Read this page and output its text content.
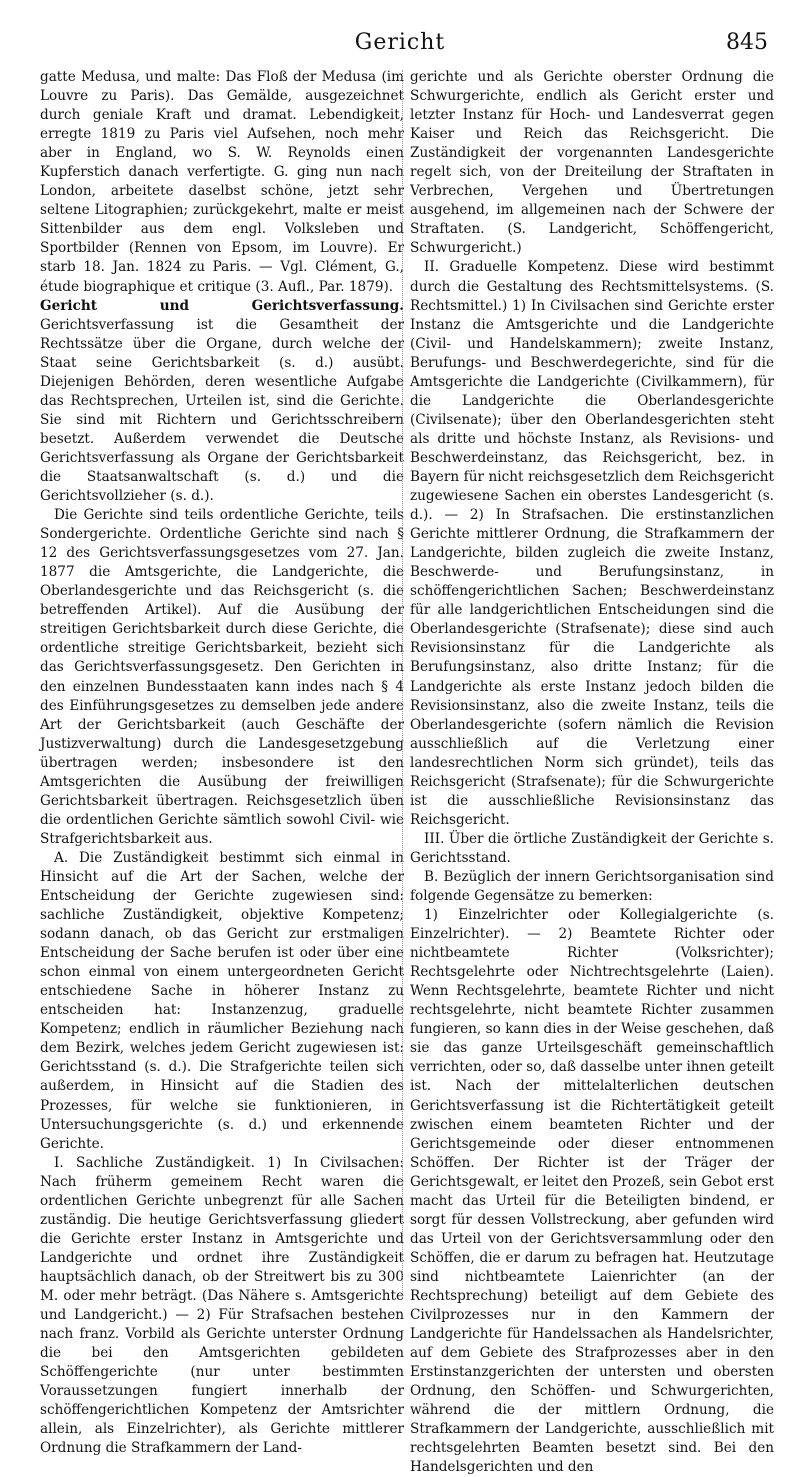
Gericht	845

gatte Medusa, und malte: Das Floß der Medusa (im Louvre zu Paris). Das Gemälde, ausgezeichnet durch geniale Kraft und dramat. Lebendigkeit, erregte 1819 zu Paris viel Aufsehen, noch mehr aber in England, wo S. W. Reynolds einen Kupferstich danach verfertigte. G. ging nun nach London, arbeitete daselbst schöne, jetzt sehr seltene Litographien; zurückgekehrt, malte er meist Sittenbilder aus dem engl. Volksleben und Sportbilder (Rennen von Epsom, im Louvre). Er starb 18. Jan. 1824 zu Paris. — Vgl. Clément, G., étude biographique et critique (3. Aufl., Par. 1879).

Gericht und Gerichtsverfassung. Gerichtsverfassung ist die Gesamtheit der Rechtssätze über die Organe, durch welche der Staat seine Gerichtsbarkeit (s. d.) ausübt. Diejenigen Behörden, deren wesentliche Aufgabe das Rechtsprechen, Urteilen ist, sind die Gerichte. Sie sind mit Richtern und Gerichtsschreibern besetzt. Außerdem verwendet die Deutsche Gerichtsverfassung als Organe der Gerichtsbarkeit die Staatsanwaltschaft (s. d.) und die Gerichtsvollzieher (s. d.).

Die Gerichte sind teils ordentliche Gerichte, teils Sondergerichte. Ordentliche Gerichte sind nach § 12 des Gerichtsverfassungsgesetzes vom 27. Jan. 1877 die Amtsgerichte, die Landgerichte, die Oberlandesgerichte und das Reichsgericht (s. die betreffenden Artikel). Auf die Ausübung der streitigen Gerichtsbarkeit durch diese Gerichte, die ordentliche streitige Gerichtsbarkeit, bezieht sich das Gerichtsverfassungsgesetz. Den Gerichten in den einzelnen Bundesstaaten kann indes nach § 4 des Einführungsgesetzes zu demselben jede andere Art der Gerichtsbarkeit (auch Geschäfte der Justizverwaltung) durch die Landesgesetzgebung übertragen werden; insbesondere ist den Amtsgerichten die Ausübung der freiwilligen Gerichtsbarkeit übertragen. Reichsgesetzlich üben die ordentlichen Gerichte sämtlich sowohl Civil- wie Strafgerichtsbarkeit aus.

A. Die Zuständigkeit bestimmt sich einmal in Hinsicht auf die Art der Sachen, welche der Entscheidung der Gerichte zugewiesen sind: sachliche Zuständigkeit, objektive Kompetenz; sodann danach, ob das Gericht zur erstmaligen Entscheidung der Sache berufen ist oder über eine schon einmal von einem untergeordneten Gericht entschiedene Sache in höherer Instanz zu entscheiden hat: Instanzenzug, graduelle Kompetenz; endlich in räumlicher Beziehung nach dem Bezirk, welches jedem Gericht zugewiesen ist: Gerichtsstand (s. d.). Die Strafgerichte teilen sich außerdem, in Hinsicht auf die Stadien des Prozesses, für welche sie funktionieren, in Untersuchungsgerichte (s. d.) und erkennende Gerichte.

I. Sachliche Zuständigkeit. 1) In Civilsachen: Nach früherm gemeinem Recht waren die ordentlichen Gerichte unbegrenzt für alle Sachen zuständig. Die heutige Gerichtsverfassung gliedert die Gerichte erster Instanz in Amtsgerichte und Landgerichte und ordnet ihre Zuständigkeit hauptsächlich danach, ob der Streitwert bis zu 300 M. oder mehr beträgt. (Das Nähere s. Amtsgerichte und Landgericht.) — 2) Für Strafsachen bestehen nach franz. Vorbild als Gerichte unterster Ordnung die bei den Amtsgerichten gebildeten Schöffengerichte (nur unter bestimmten Voraussetzungen fungiert innerhalb der schöffengerichtlichen Kompetenz der Amtsrichter allein, als Einzelrichter), als Gerichte mittlerer Ordnung die Strafkammern der Land-

gerichte und als Gerichte oberster Ordnung die Schwurgerichte, endlich als Gericht erster und letzter Instanz für Hoch- und Landesverrat gegen Kaiser und Reich das Reichsgericht. Die Zuständigkeit der vorgenannten Landesgerichte regelt sich, von der Dreiteilung der Straftaten in Verbrechen, Vergehen und Übertretungen ausgehend, im allgemeinen nach der Schwere der Straftaten. (S. Landgericht, Schöffengericht, Schwurgericht.)

II. Graduelle Kompetenz. Diese wird bestimmt durch die Gestaltung des Rechtsmittelsystems. (S. Rechtsmittel.) 1) In Civilsachen sind Gerichte erster Instanz die Amtsgerichte und die Landgerichte (Civil- und Handelskammern); zweite Instanz, Berufungs- und Beschwerdegerichte, sind für die Amtsgerichte die Landgerichte (Civilkammern), für die Landgerichte die Oberlandesgerichte (Civilsenate); über den Oberlandesgerichten steht als dritte und höchste Instanz, als Revisions- und Beschwerdeinstanz, das Reichsgericht, bez. in Bayern für nicht reichsgesetzlich dem Reichsgericht zugewiesene Sachen ein oberstes Landesgericht (s. d.). — 2) In Strafsachen. Die erstinstanzlichen Gerichte mittlerer Ordnung, die Strafkammern der Landgerichte, bilden zugleich die zweite Instanz, Beschwerde- und Berufungsinstanz, in schöffengerichtlichen Sachen; Beschwerdeinstanz für alle landgerichtlichen Entscheidungen sind die Oberlandesgerichte (Strafsenate); diese sind auch Revisionsinstanz für die Landgerichte als Berufungsinstanz, also dritte Instanz; für die Landgerichte als erste Instanz jedoch bilden die Revisionsinstanz, also die zweite Instanz, teils die Oberlandesgerichte (sofern nämlich die Revision ausschließlich auf die Verletzung einer landesrechtlichen Norm sich gründet), teils das Reichsgericht (Strafsenate); für die Schwurgerichte ist die ausschließliche Revisionsinstanz das Reichsgericht.

III. Über die örtliche Zuständigkeit der Gerichte s. Gerichtsstand.

B. Bezüglich der innern Gerichtsorganisation sind folgende Gegensätze zu bemerken:

1) Einzelrichter oder Kollegialgerichte (s. Einzelrichter). — 2) Beamtete Richter oder nichtbeamtete Richter (Volksrichter); Rechtsgelehrte oder Nichtrechtsgelehrte (Laien). Wenn Rechtsgelehrte, beamtete Richter und nicht rechtsgelehrte, nicht beamtete Richter zusammen fungieren, so kann dies in der Weise geschehen, daß sie das ganze Urteilsgeschäft gemeinschaftlich verrichten, oder so, daß dasselbe unter ihnen geteilt ist. Nach der mittelalterlichen deutschen Gerichtsverfassung ist die Richtertätigkeit geteilt zwischen einem beamteten Richter und der Gerichtsgemeinde oder dieser entnommenen Schöffen. Der Richter ist der Träger der Gerichtsgewalt, er leitet den Prozeß, sein Gebot erst macht das Urteil für die Beteiligten bindend, er sorgt für dessen Vollstreckung, aber gefunden wird das Urteil von der Gerichtsversammlung oder den Schöffen, die er darum zu befragen hat. Heutzutage sind nichtbeamtete Laienrichter (an der Rechtsprechung) beteiligt auf dem Gebiete des Civilprozesses nur in den Kammern der Landgerichte für Handelssachen als Handelsrichter, auf dem Gebiete des Strafprozesses aber in den Erstinstanzgerichten der untersten und obersten Ordnung, den Schöffen- und Schwurgerichten, während die der mittlern Ordnung, die Strafkammern der Landgerichte, ausschließlich mit rechtsgelehrten Beamten besetzt sind. Bei den Handelsgerichten und den
